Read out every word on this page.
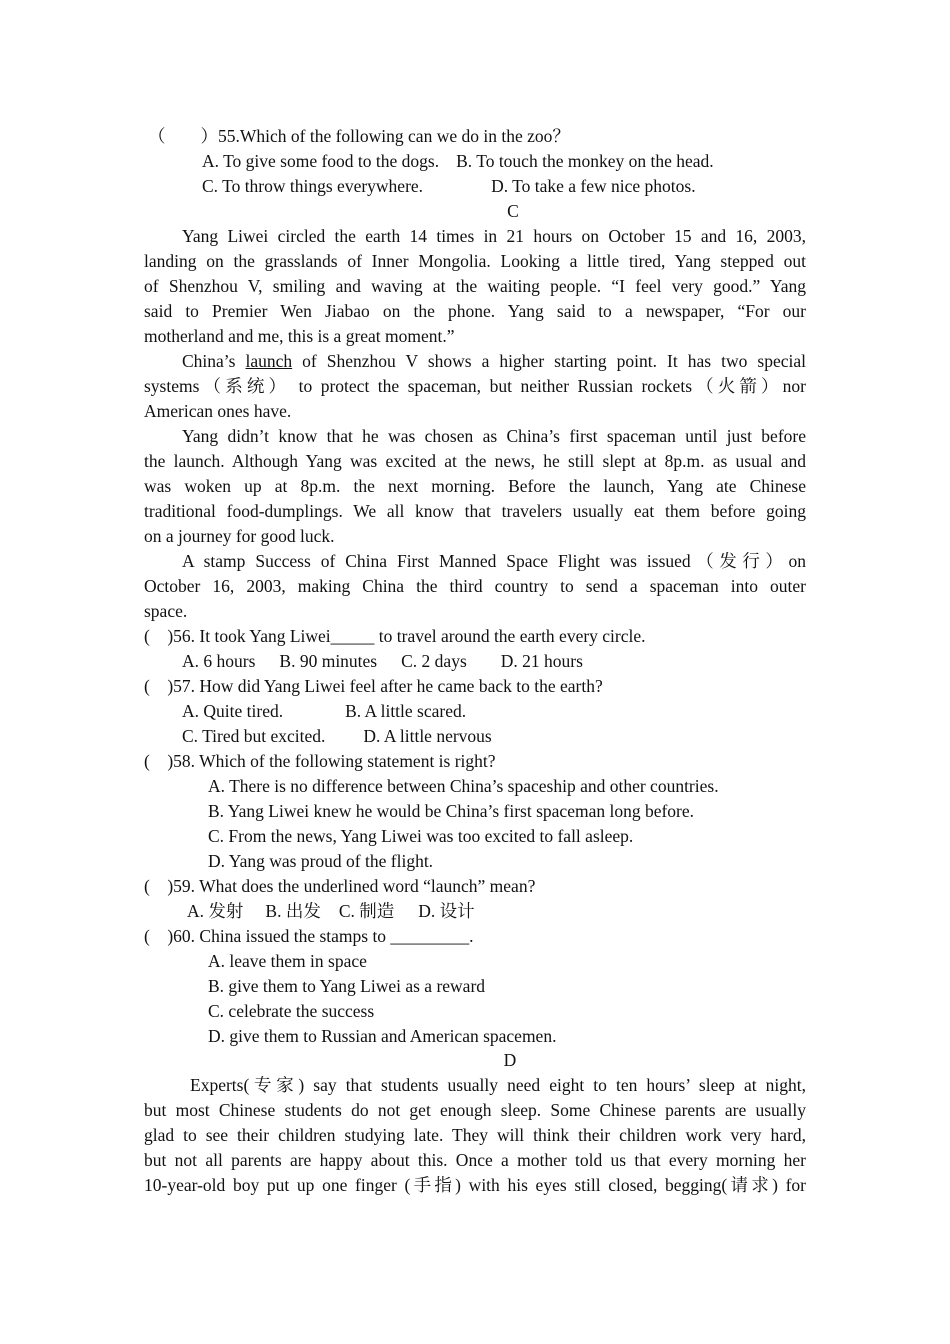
（　　）55.Which of the following can we do in the zoo？
A. To give some food to the dogs. B. To touch the monkey on the head.
C. To throw things everywhere.	D. To take a few nice photos.
C
Yang Liwei circled the earth 14 times in 21 hours on October 15 and 16, 2003,
landing on the grasslands of Inner Mongolia. Looking a little tired, Yang stepped out
of Shenzhou V, smiling and waving at the waiting people. “I feel very good.” Yang
said to Premier Wen Jiabao on the phone. Yang said to a newspaper, “For our
motherland and me, this is a great moment.”
China’s launch of Shenzhou V shows a higher starting point. It has two special
systems（系统） to protect the spaceman, but neither Russian rockets（火箭）nor
American ones have.
Yang didn’t know that he was chosen as China’s first spaceman until just before
the launch. Although Yang was excited at the news, he still slept at 8p.m. as usual and
was woken up at 8p.m. the next morning. Before the launch, Yang ate Chinese
traditional food-dumplings. We all know that travelers usually eat them before going
on a journey for good luck.
A stamp Success of China First Manned Space Flight was issued（发行）on
October 16, 2003, making China the third country to send a spaceman into outer
space.
(　)56. It took Yang Liwei_____ to travel around the earth every circle.
A. 6 hours B. 90 minutes C. 2 days D. 21 hours
(　)57. How did Yang Liwei feel after he came back to the earth?
A. Quite tired.	B. A little scared.
C. Tired but excited. D. A little nervous
(　)58. Which of the following statement is right?
A. There is no difference between China’s spaceship and other countries.
B. Yang Liwei knew he would be China’s first spaceman long before.
C. From the news, Yang Liwei was too excited to fall asleep.
D. Yang was proud of the flight.
(　)59. What does the underlined word “launch” mean?
A. 发射 B. 出发 C. 制造 D. 设计
(　)60. China issued the stamps to _________.
A. leave them in space
B. give them to Yang Liwei as a reward
C. celebrate the success
D. give them to Russian and American spacemen.
D
Experts(专家) say that students usually need eight to ten hours’ sleep at night,
but most Chinese students do not get enough sleep. Some Chinese parents are usually
glad to see their children studying late. They will think their children work very hard,
but not all parents are happy about this. Once a mother told us that every morning her
10-year-old boy put up one finger (手指) with his eyes still closed, begging(请求) for
